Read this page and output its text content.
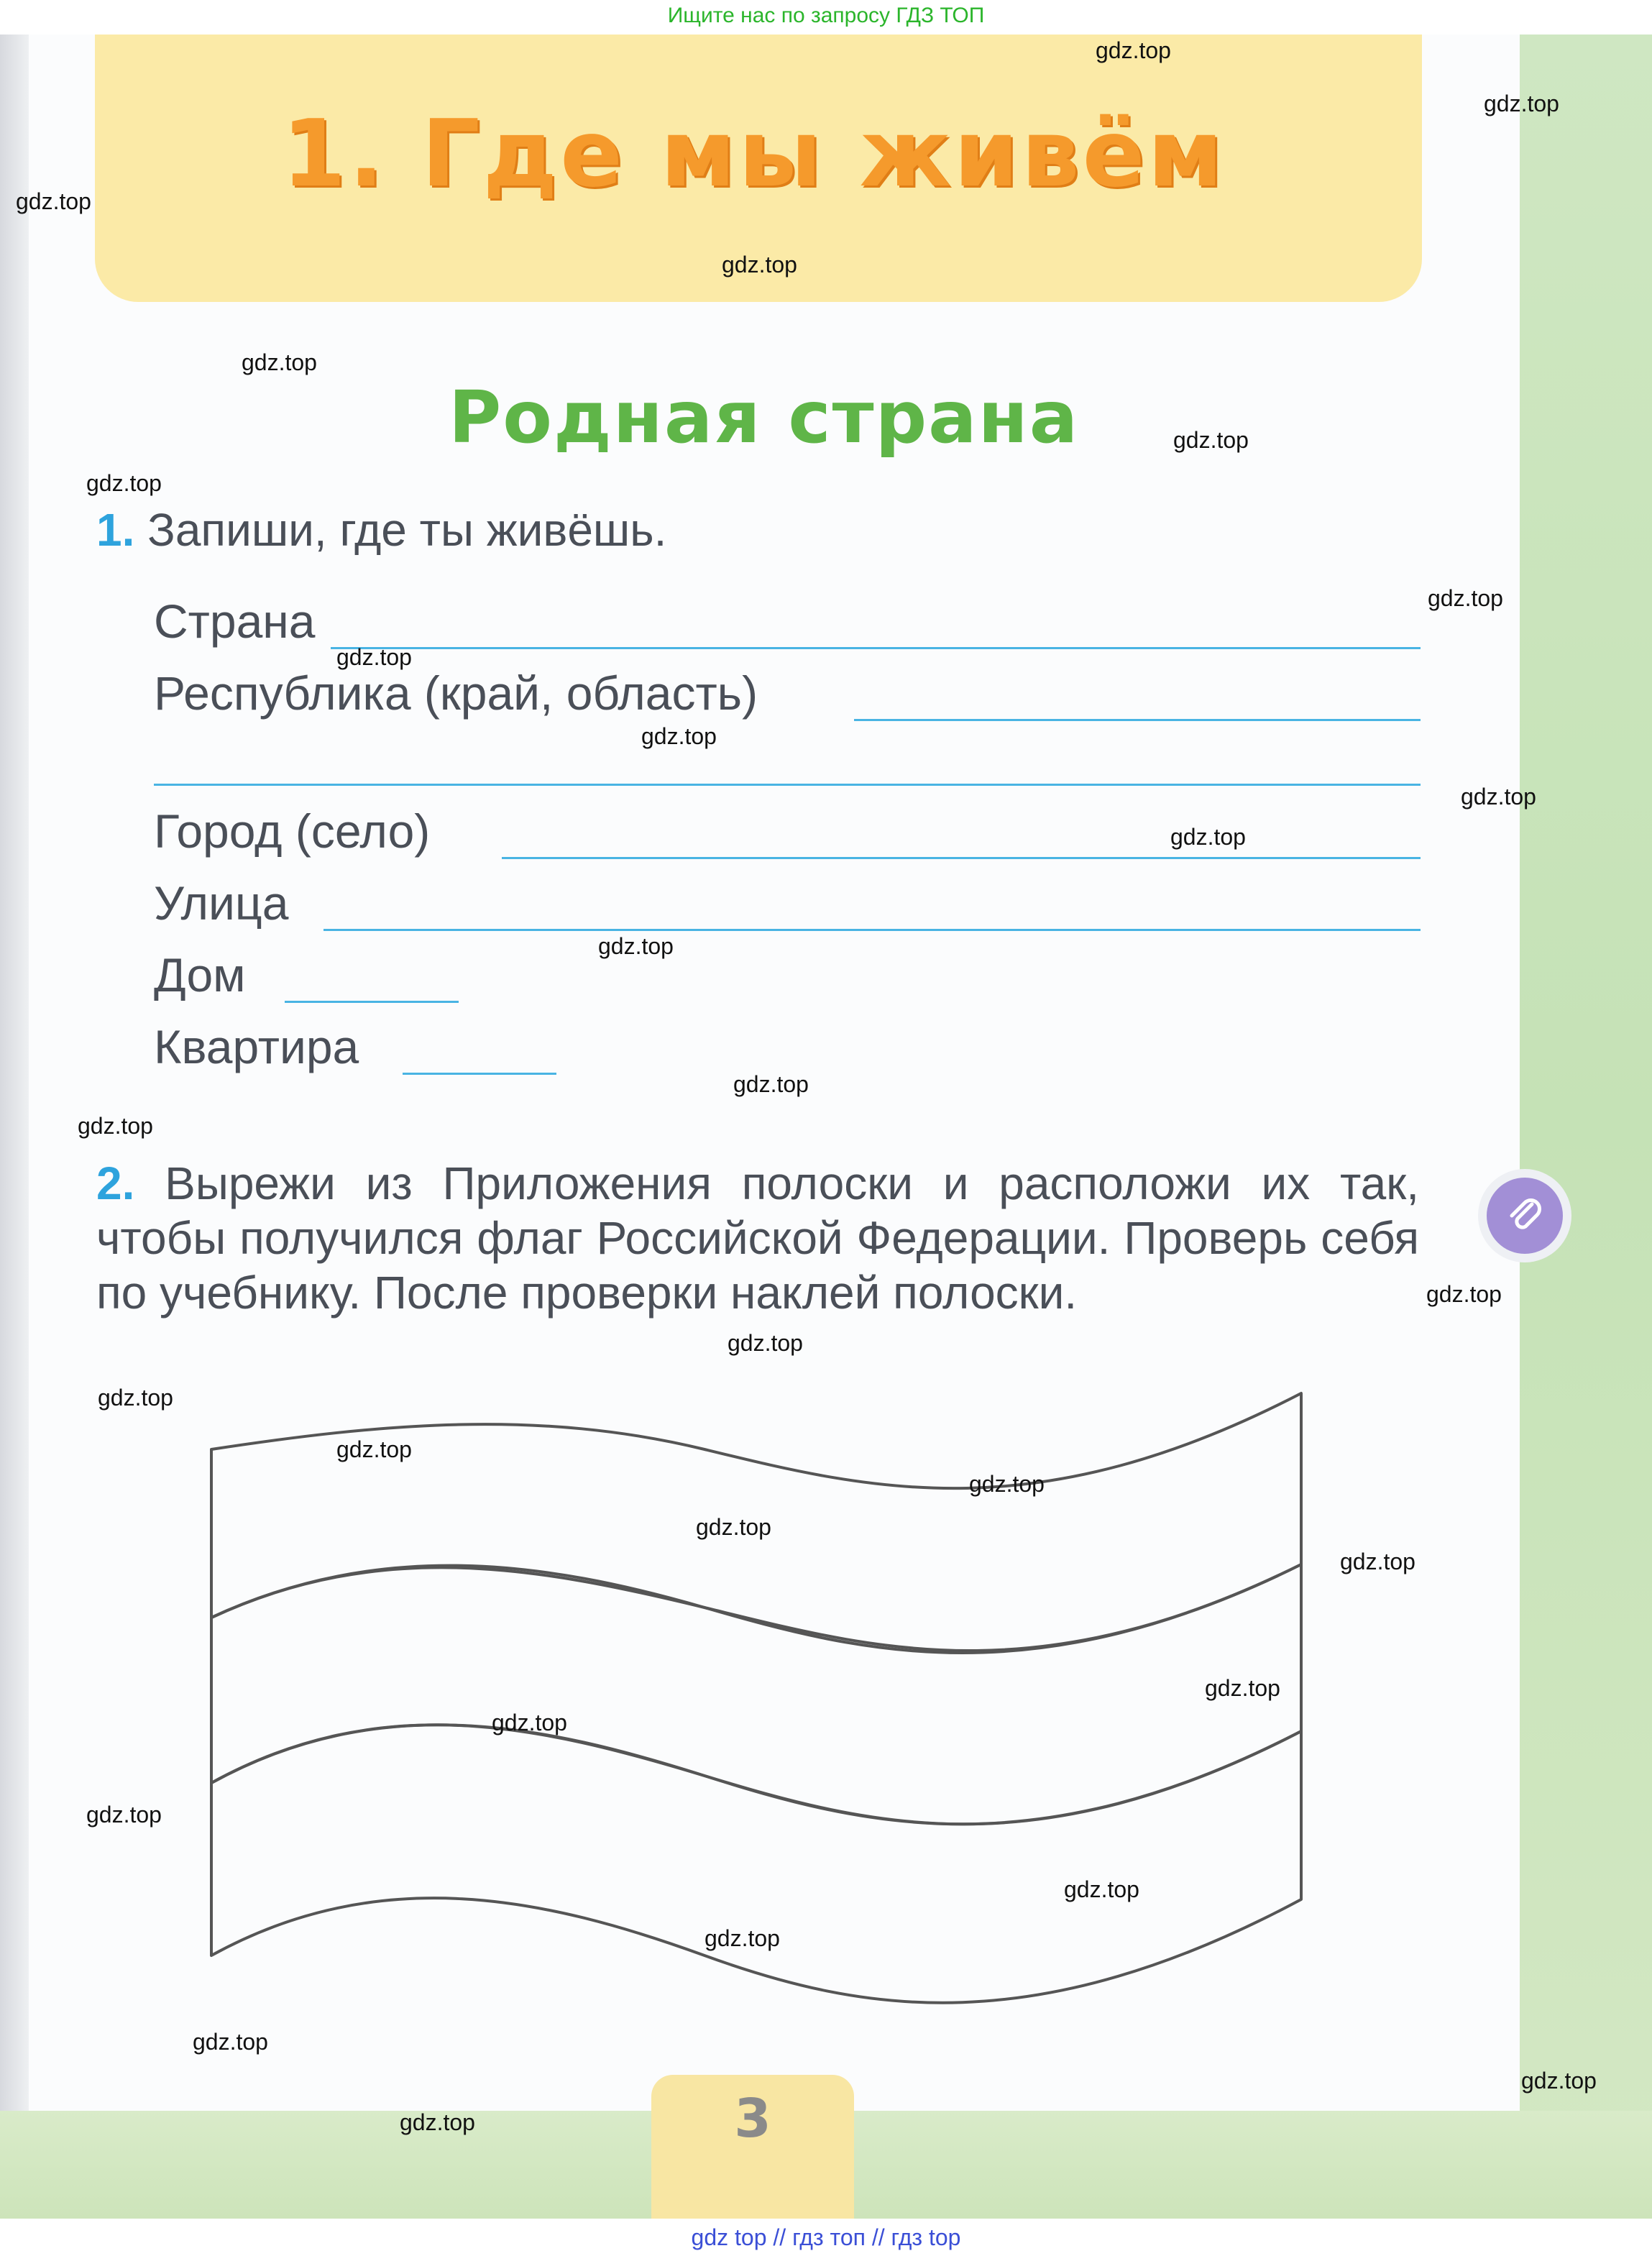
Ищите нас по запросу ГДЗ ТОП
1. Где мы живём
Родная страна
1. Запиши, где ты живёшь.
Страна
Республика (край, область)
Город (село)
Улица
Дом
Квартира
2. Вырежи из Приложения полоски и расположи их так, чтобы получился флаг Российской Федерации. Проверь себя по учебнику. После проверки наклей полоски.
3
gdz.top
gdz.top
gdz.top
gdz.top
gdz.top
gdz.top
gdz.top
gdz.top
gdz.top
gdz.top
gdz.top
gdz.top
gdz.top
gdz.top
gdz.top
gdz.top
gdz.top
gdz.top
gdz.top
gdz.top
gdz.top
gdz.top
gdz.top
gdz.top
gdz.top
gdz.top
gdz.top
gdz.top
gdz.top
gdz.top
gdz top // гдз топ // гдз top
